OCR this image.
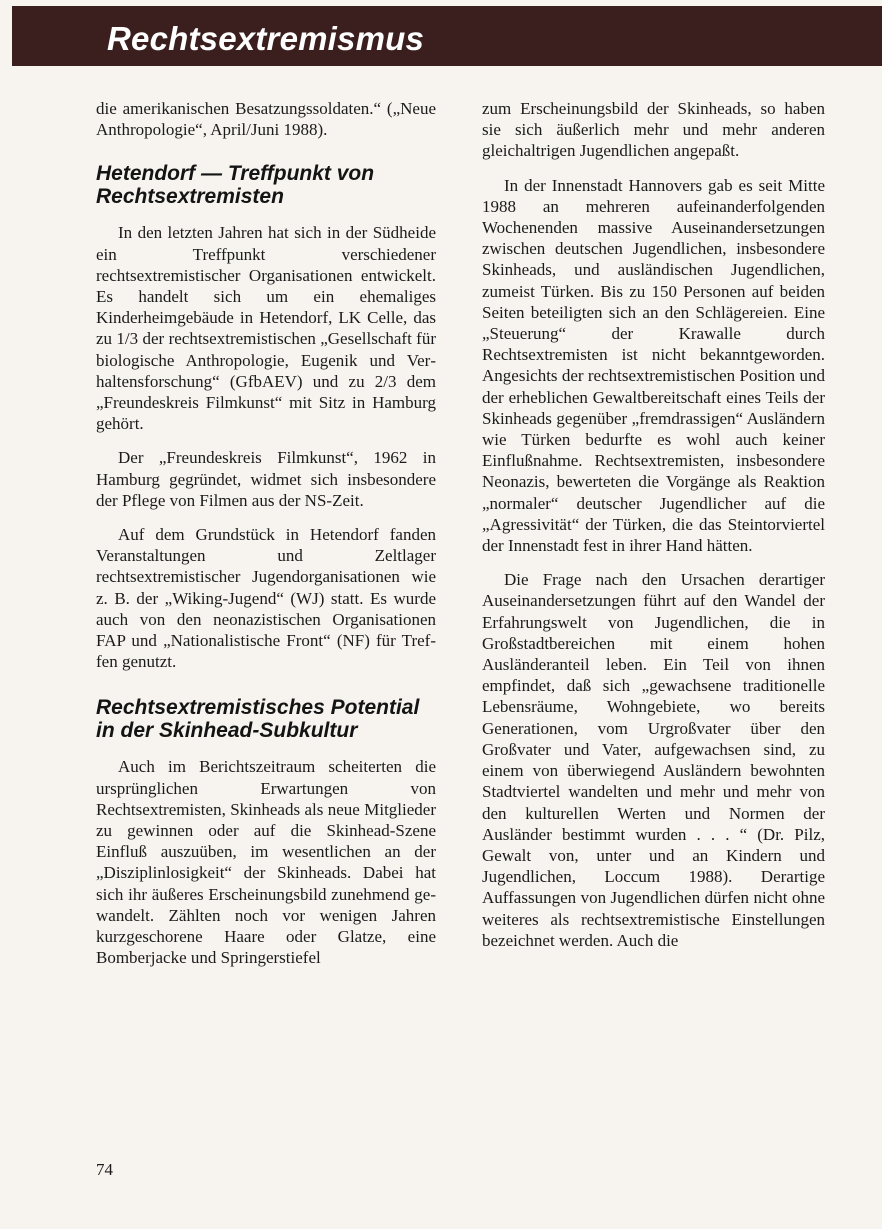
Rechtsextremismus

die amerikanischen Besatzungssoldaten.“ („Neue Anthropologie“, April/Juni 1988).

Hetendorf — Treffpunkt von Rechtsextremisten

In den letzten Jahren hat sich in der Südheide ein Treffpunkt verschiedener rechtsextremistischer Organisationen entwickelt. Es handelt sich um ein ehemaliges Kinderheimgebäude in Hetendorf, LK Celle, das zu 1/3 der rechtsextremistischen „Gesellschaft für biologische Anthropologie, Eugenik und Verhaltensforschung“ (GfbAEV) und zu 2/3 dem „Freundeskreis Filmkunst“ mit Sitz in Hamburg gehört.

Der „Freundeskreis Filmkunst“, 1962 in Hamburg gegründet, widmet sich insbesondere der Pflege von Filmen aus der NS-Zeit.

Auf dem Grundstück in Hetendorf fanden Veranstaltungen und Zeltlager rechtsextremistischer Jugendorganisationen wie z. B. der „Wiking-Jugend“ (WJ) statt. Es wurde auch von den neonazistischen Organisationen FAP und „Nationalistische Front“ (NF) für Treffen genutzt.

Rechtsextremistisches Potential in der Skinhead-Subkultur

Auch im Berichtszeitraum scheiterten die ursprünglichen Erwartungen von Rechtsextremisten, Skinheads als neue Mitglieder zu gewinnen oder auf die Skinhead-Szene Einfluß auszuüben, im wesentlichen an der „Disziplinlosigkeit“ der Skinheads. Dabei hat sich ihr äußeres Erscheinungsbild zunehmend gewandelt. Zählten noch vor wenigen Jahren kurzgeschorene Haare oder Glatze, eine Bomberjacke und Springerstiefel

zum Erscheinungsbild der Skinheads, so haben sie sich äußerlich mehr und mehr anderen gleichaltrigen Jugendlichen angepaßt.

In der Innenstadt Hannovers gab es seit Mitte 1988 an mehreren aufeinanderfolgenden Wochenenden massive Auseinandersetzungen zwischen deutschen Jugendlichen, insbesondere Skinheads, und ausländischen Jugendlichen, zumeist Türken. Bis zu 150 Personen auf beiden Seiten beteiligten sich an den Schlägereien. Eine „Steuerung“ der Krawalle durch Rechtsextremisten ist nicht bekanntgeworden. Angesichts der rechtsextremistischen Position und der erheblichen Gewaltbereitschaft eines Teils der Skinheads gegenüber „fremdrassigen“ Ausländern wie Türken bedurfte es wohl auch keiner Einflußnahme. Rechtsextremisten, insbesondere Neonazis, bewerteten die Vorgänge als Reaktion „normaler“ deutscher Jugendlicher auf die „Agressivität“ der Türken, die das Steintorviertel der Innenstadt fest in ihrer Hand hätten.

Die Frage nach den Ursachen derartiger Auseinandersetzungen führt auf den Wandel der Erfahrungswelt von Jugendlichen, die in Großstadtbereichen mit einem hohen Ausländeranteil leben. Ein Teil von ihnen empfindet, daß sich „gewachsene traditionelle Lebensräume, Wohngebiete, wo bereits Generationen, vom Urgroßvater über den Großvater und Vater, aufgewachsen sind, zu einem von überwiegend Ausländern bewohnten Stadtviertel wandelten und mehr und mehr von den kulturellen Werten und Normen der Ausländer bestimmt wurden . . . “ (Dr. Pilz, Gewalt von, unter und an Kindern und Jugendlichen, Loccum 1988). Derartige Auffassungen von Jugendlichen dürfen nicht ohne weiteres als rechtsextremistische Einstellungen bezeichnet werden. Auch die

74
